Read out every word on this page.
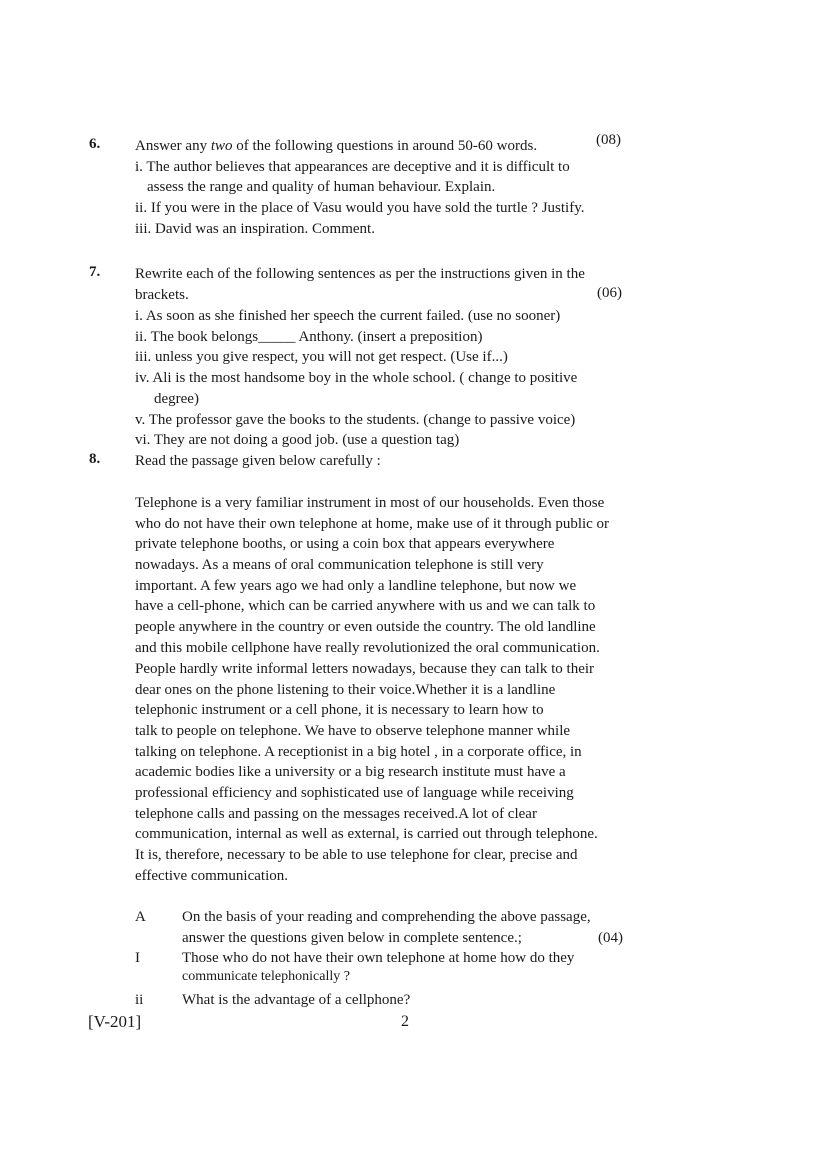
6. Answer any two of the following questions in around 50-60 words.	(08)
i. The author believes that appearances are deceptive and it is difficult to
assess the range and quality of human behaviour. Explain.
ii. If you were in the place of Vasu would you have sold the turtle ? Justify.
iii. David was an inspiration. Comment.
7. Rewrite each of the following sentences as per the instructions given in the
brackets.	(06)
i. As soon as she finished her speech the current failed. (use no sooner)
ii. The book belongs_____ Anthony. (insert a preposition)
iii. unless you give respect, you will not get respect. (Use if...)
iv. Ali is the most handsome boy in the whole school. ( change to positive
degree)
v. The professor gave the books to the students. (change to passive voice)
vi. They are not doing a good job. (use a question tag)
8. Read the passage given below carefully :
Telephone is a very familiar instrument in most of our households. Even those
who do not have their own telephone at home, make use of it through public or
private telephone booths, or using a coin box that appears everywhere
nowadays. As a means of oral communication telephone is still very
important. A few years ago we had only a landline telephone, but now we
have a cell-phone, which can be carried anywhere with us and we can talk to
people anywhere in the country or even outside the country. The old landline
and this mobile cellphone have really revolutionized the oral communication.
People hardly write informal letters nowadays, because they can talk to their
dear ones on the phone listening to their voice.Whether it is a landline
telephonic instrument or a cell phone, it is necessary to learn how to
talk to people on telephone. We have to observe telephone manner while
talking on telephone. A receptionist in a big hotel , in a corporate office, in
academic bodies like a university or a big research institute must have a
professional efficiency and sophisticated use of language while receiving
telephone calls and passing on the messages received.A lot of clear
communication, internal as well as external, is carried out through telephone.
It is, therefore, necessary to be able to use telephone for clear, precise and
effective communication.
A On the basis of your reading and comprehending the above passage,
answer the questions given below in complete sentence.;	(04)
I	Those who do not have their own telephone at home how do they
communicate telephonically ?
ii	What is the advantage of a cellphone?
[V-201]	2
